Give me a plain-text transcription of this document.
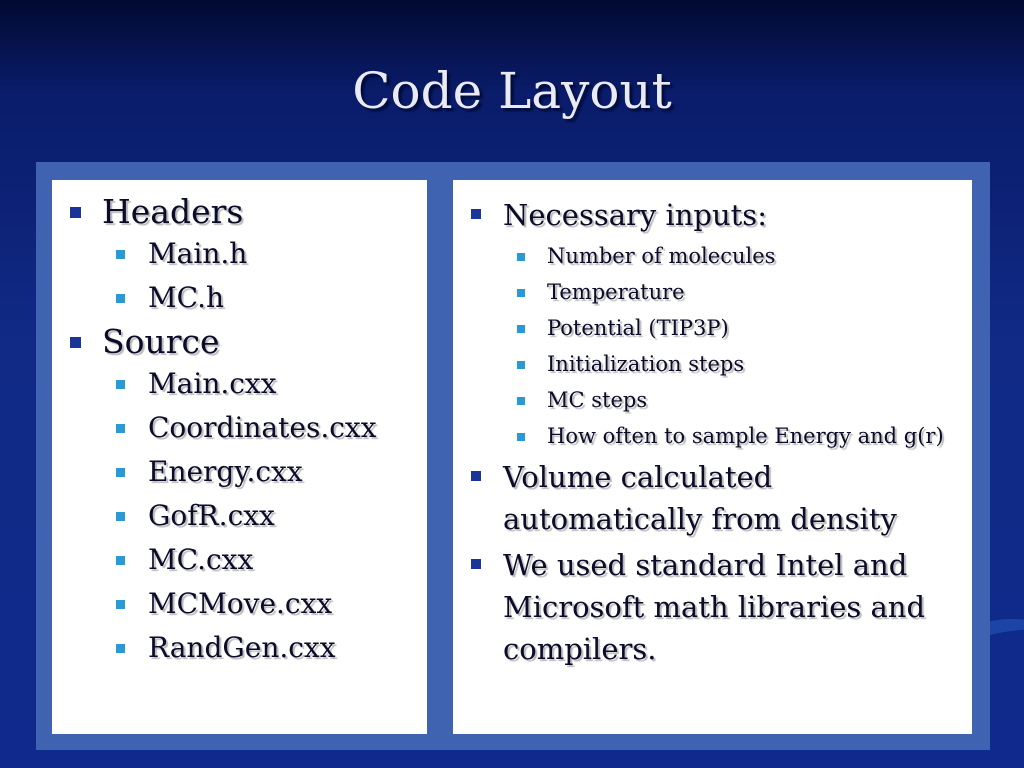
Code Layout
Headers
Main.h
MC.h
Source
Main.cxx
Coordinates.cxx
Energy.cxx
GofR.cxx
MC.cxx
MCMove.cxx
RandGen.cxx
Necessary inputs:
Number of molecules
Temperature
Potential (TIP3P)
Initialization steps
MC steps
How often to sample Energy and g(r)
Volume calculated automatically from density
We used standard Intel and Microsoft math libraries and compilers.
